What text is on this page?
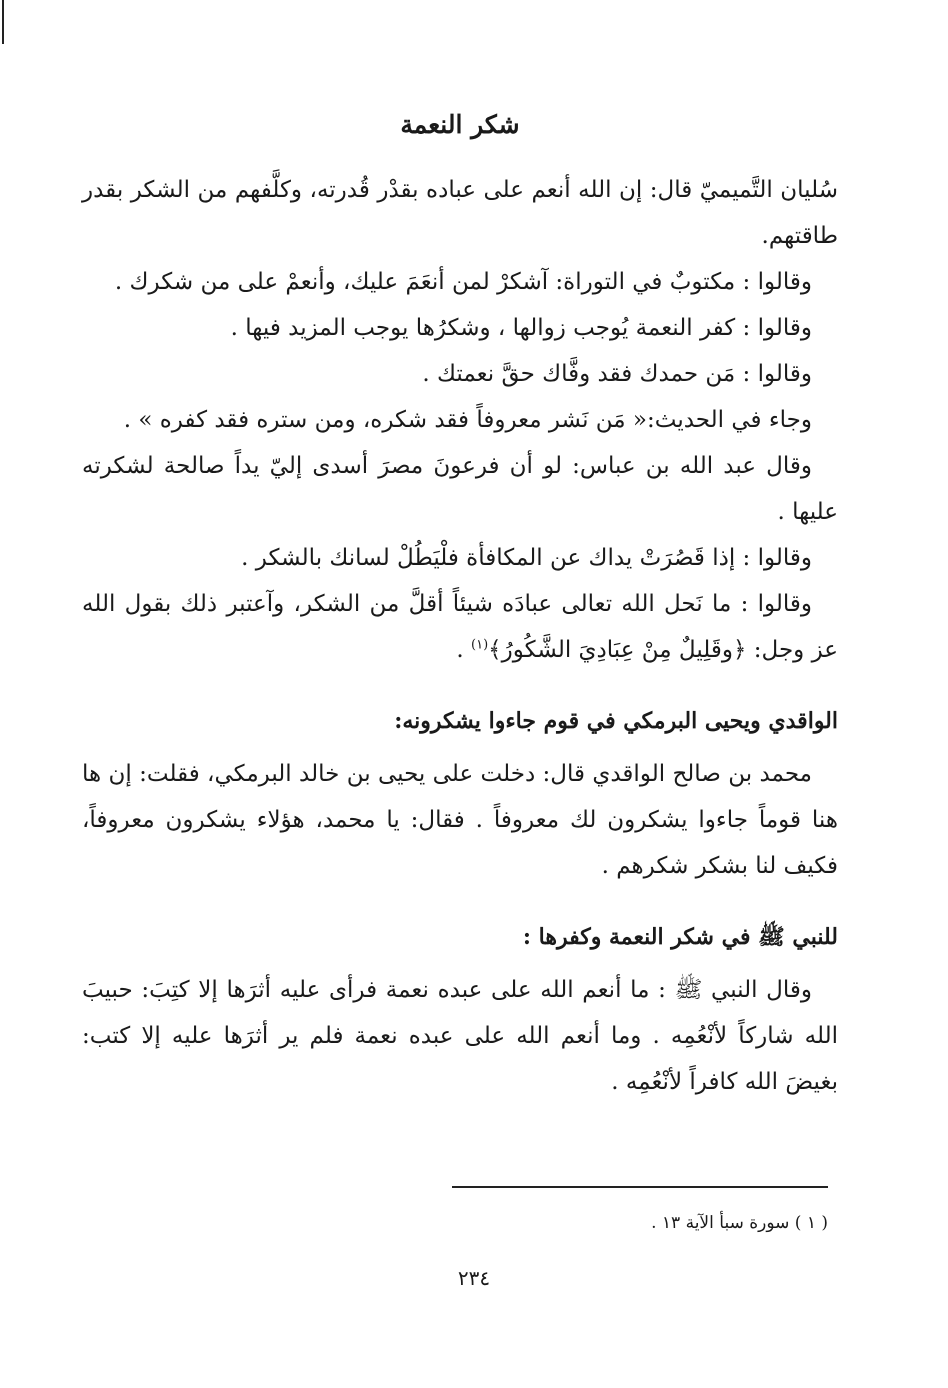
شكر النعمة

سُليان التَّميميّ قال: إن الله أنعم على عباده بقدْر قُدرته، وكلَّفهم من الشكر بقدر طاقتهم.

وقالوا : مكتوبٌ في التوراة: آشكرْ لمن أنعَمَ عليك، وأنعمْ على من شكرك .

وقالوا : كفر النعمة يُوجب زوالها ، وشكرُها يوجب المزيد فيها .

وقالوا : مَن حمدك فقد وفَّاك حقَّ نعمتك .

وجاء في الحديث:« مَن نَشر معروفاً فقد شكره، ومن ستره فقد كفره » .

وقال عبد الله بن عباس: لو أن فرعونَ مصرَ أسدى إليّ يداً صالحة لشكرته عليها .

وقالوا : إذا قَصُرَتْ يداك عن المكافأة فلْيَطُلْ لسانك بالشكر .

وقالوا : ما نَحل الله تعالى عبادَه شيئاً أقلَّ من الشكر، وآعتبر ذلك بقول الله عز وجل: ﴿وقَلِيلٌ مِنْ عِبَادِيَ الشَّكُورُ﴾$^{(١)}$ .

الواقدي ويحيى البرمكي في قوم جاءوا يشكرونه:

محمد بن صالح الواقدي قال: دخلت على يحيى بن خالد البرمكي، فقلت: إن ها هنا قوماً جاءوا يشكرون لك معروفاً . فقال: يا محمد، هؤلاء يشكرون معروفاً، فكيف لنا بشكر شكرهم .

للنبي ﷺ في شكر النعمة وكفرها :

وقال النبي ﷺ : ما أنعم الله على عبده نعمة فرأى عليه أثرَها إلا كتِبَ: حبيبَ الله شاركاً لأنْعُمِه . وما أنعم الله على عبده نعمة فلم ير أثرَها عليه إلا كتب: بغيضَ الله كافراً لأنْعُمِه .

( ١ ) سورة سبأ الآية ١٣ .
٢٣٤
